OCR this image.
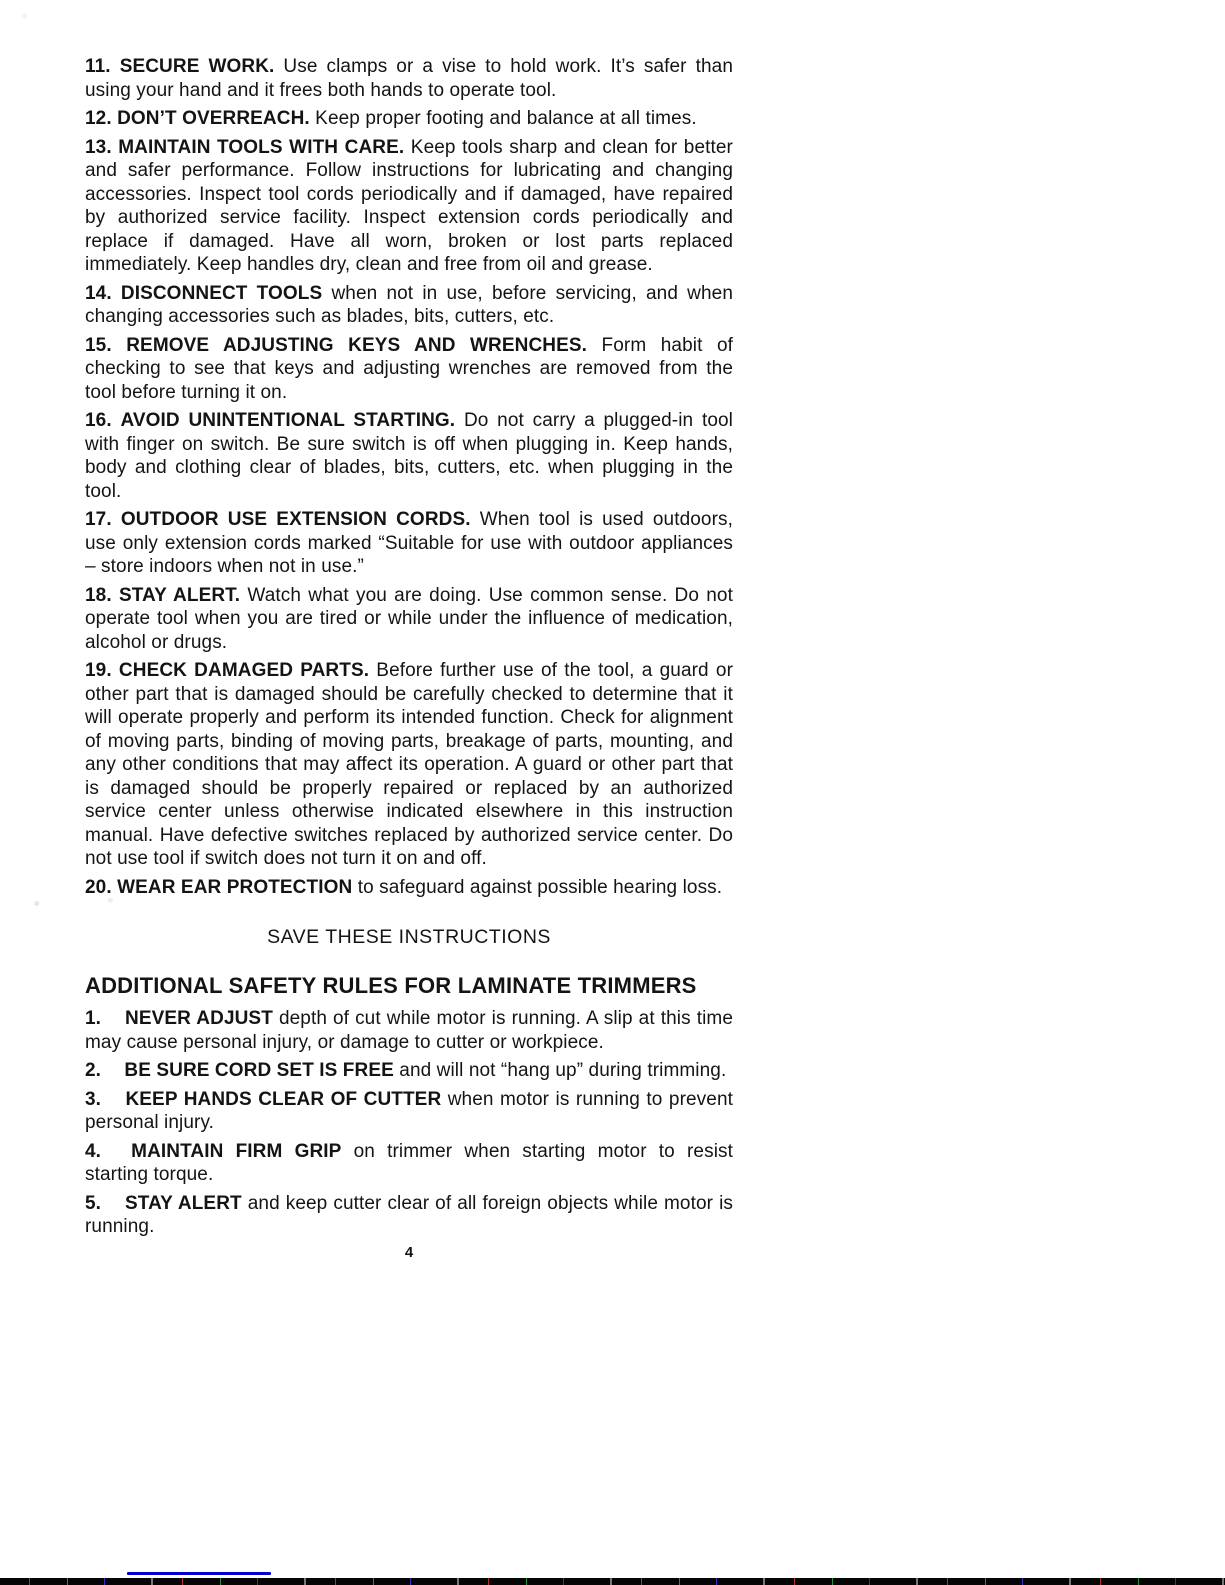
11. SECURE WORK. Use clamps or a vise to hold work. It’s safer than using your hand and it frees both hands to operate tool.

12. DON’T OVERREACH. Keep proper footing and balance at all times.

13. MAINTAIN TOOLS WITH CARE. Keep tools sharp and clean for better and safer performance. Follow instructions for lubricating and changing accessories. Inspect tool cords periodically and if damaged, have repaired by authorized service facility. Inspect extension cords periodically and replace if damaged. Have all worn, broken or lost parts replaced immediately. Keep handles dry, clean and free from oil and grease.

14. DISCONNECT TOOLS when not in use, before servicing, and when changing accessories such as blades, bits, cutters, etc.

15. REMOVE ADJUSTING KEYS AND WRENCHES. Form habit of checking to see that keys and adjusting wrenches are removed from the tool before turning it on.

16. AVOID UNINTENTIONAL STARTING. Do not carry a plugged-in tool with finger on switch. Be sure switch is off when plugging in. Keep hands, body and clothing clear of blades, bits, cutters, etc. when plugging in the tool.

17. OUTDOOR USE EXTENSION CORDS. When tool is used outdoors, use only extension cords marked “Suitable for use with outdoor appliances – store indoors when not in use.”

18. STAY ALERT. Watch what you are doing. Use common sense. Do not operate tool when you are tired or while under the influence of medication, alcohol or drugs.

19. CHECK DAMAGED PARTS. Before further use of the tool, a guard or other part that is damaged should be carefully checked to determine that it will operate properly and perform its intended function. Check for alignment of moving parts, binding of moving parts, breakage of parts, mounting, and any other conditions that may affect its operation. A guard or other part that is damaged should be properly repaired or replaced by an authorized service center unless otherwise indicated elsewhere in this instruction manual. Have defective switches replaced by authorized service center. Do not use tool if switch does not turn it on and off.

20. WEAR EAR PROTECTION to safeguard against possible hearing loss.

SAVE THESE INSTRUCTIONS
ADDITIONAL SAFETY RULES FOR LAMINATE TRIMMERS

1. NEVER ADJUST depth of cut while motor is running. A slip at this time may cause personal injury, or damage to cutter or workpiece.

2. BE SURE CORD SET IS FREE and will not “hang up” during trimming.

3. KEEP HANDS CLEAR OF CUTTER when motor is running to prevent personal injury.

4. MAINTAIN FIRM GRIP on trimmer when starting motor to resist starting torque.

5. STAY ALERT and keep cutter clear of all foreign objects while motor is running.

4
